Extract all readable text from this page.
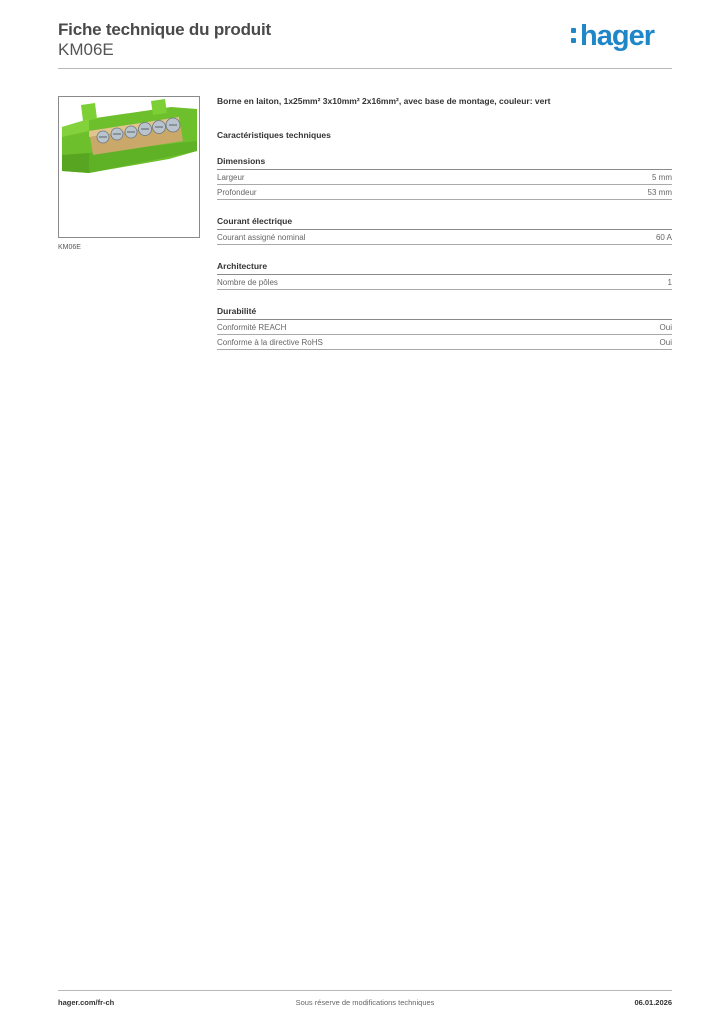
Fiche technique du produit
KM06E	hager
KM06E
Borne en laiton, 1x25mm² 3x10mm² 2x16mm², avec base de montage, couleur: vert
Caractéristiques techniques
Dimensions
Largeur	5 mm
Profondeur	53 mm
Courant électrique
Courant assigné nominal	60 A
Architecture
Nombre de pôles	1
Durabilité
Conformité REACH	Oui
Conforme à la directive RoHS	Oui
hager.com/fr-ch	Sous réserve de modifications techniques	06.01.2026
